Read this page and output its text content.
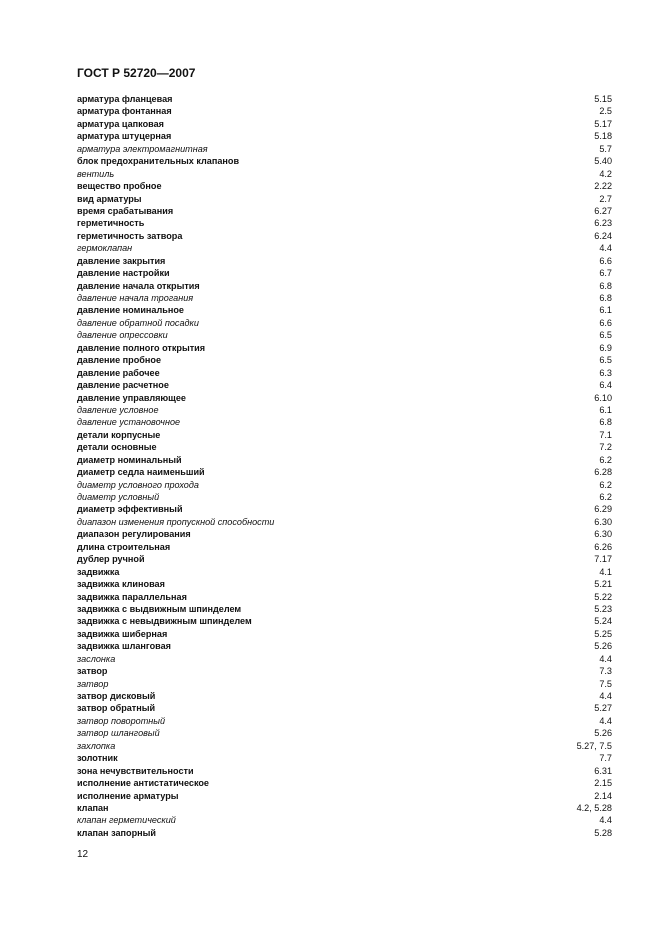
ГОСТ Р 52720—2007
арматура фланцевая	5.15
арматура фонтанная	2.5
арматура цапковая	5.17
арматура штуцерная	5.18
арматура электромагнитная	5.7
блок предохранительных клапанов	5.40
вентиль	4.2
вещество пробное	2.22
вид арматуры	2.7
время срабатывания	6.27
герметичность	6.23
герметичность затвора	6.24
гермоклапан	4.4
давление закрытия	6.6
давление настройки	6.7
давление начала открытия	6.8
давление начала трогания	6.8
давление номинальное	6.1
давление обратной посадки	6.6
давление опрессовки	6.5
давление полного открытия	6.9
давление пробное	6.5
давление рабочее	6.3
давление расчетное	6.4
давление управляющее	6.10
давление условное	6.1
давление установочное	6.8
детали корпусные	7.1
детали основные	7.2
диаметр номинальный	6.2
диаметр седла наименьший	6.28
диаметр условного прохода	6.2
диаметр условный	6.2
диаметр эффективный	6.29
диапазон изменения пропускной способности	6.30
диапазон регулирования	6.30
длина строительная	6.26
дублер ручной	7.17
задвижка	4.1
задвижка клиновая	5.21
задвижка параллельная	5.22
задвижка с выдвижным шпинделем	5.23
задвижка с невыдвижным шпинделем	5.24
задвижка шиберная	5.25
задвижка шланговая	5.26
заслонка	4.4
затвор	7.3
затвор	7.5
затвор дисковый	4.4
затвор обратный	5.27
затвор поворотный	4.4
затвор шланговый	5.26
захлопка	5.27, 7.5
золотник	7.7
зона нечувствительности	6.31
исполнение антистатическое	2.15
исполнение арматуры	2.14
клапан	4.2, 5.28
клапан герметический	4.4
клапан запорный	5.28
12
